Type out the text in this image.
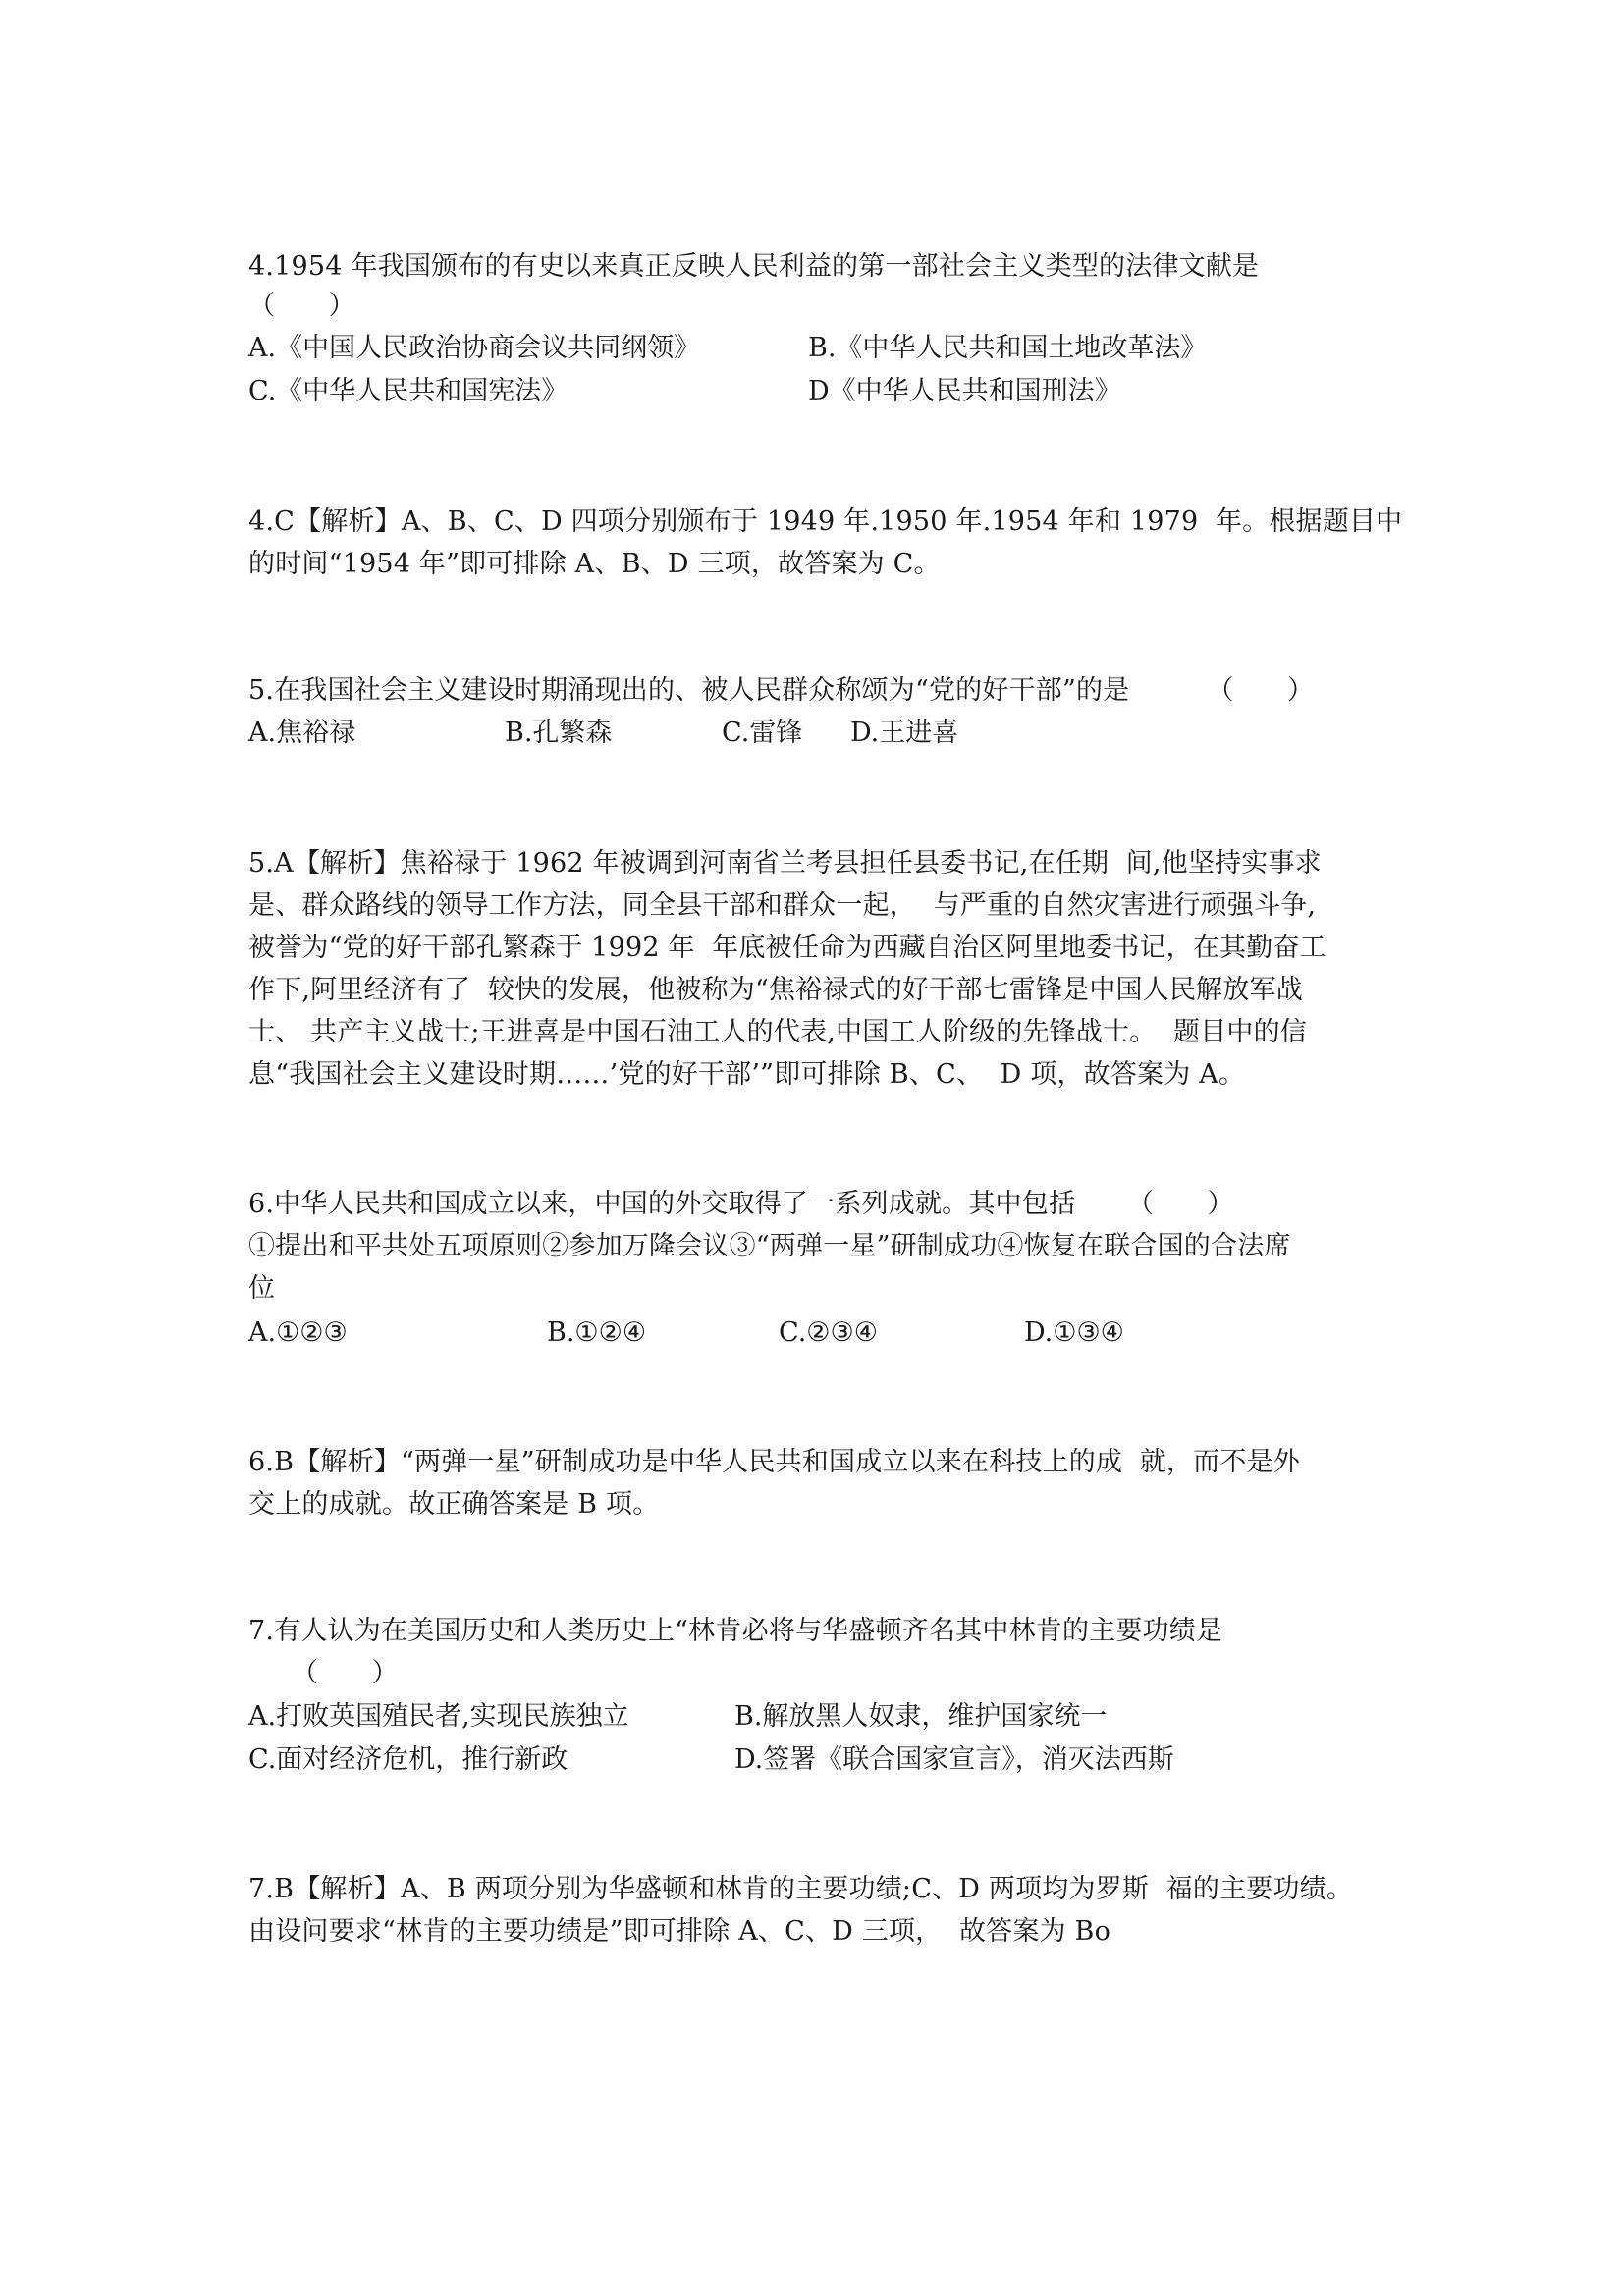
4.1954 年我国颁布的有史以来真正反映人民利益的第一部社会主义类型的法律文献是
（　　）
A.《中国人民政治协商会议共同纲领》	B.《中华人民共和国土地改革法》
C.《中华人民共和国宪法》	D《中华人民共和国刑法》
4.C【解析】A、B、C、D 四项分别颁布于 1949 年.1950 年.1954 年和 1979  年。根据题目中
的时间“1954 年”即可排除 A、B、D 三项，故答案为 C。
5.在我国社会主义建设时期涌现出的、被人民群众称颂为“党的好干部”的是         （　　）
A.焦裕禄	B.孔繁森	C.雷锋 D.王进喜
5.A【解析】焦裕禄于 1962 年被调到河南省兰考县担任县委书记,在任期  间,他坚持实事求
是、群众路线的领导工作方法，同全县干部和群众一起，  与严重的自然灾害进行顽强斗争,
被誉为“党的好干部孔繁森于 1992 年  年底被任命为西藏自治区阿里地委书记，在其勤奋工
作下,阿里经济有了  较快的发展，他被称为“焦裕禄式的好干部七雷锋是中国人民解放军战
士、 共产主义战士;王进喜是中国石油工人的代表,中国工人阶级的先锋战士。  题目中的信
息“我国社会主义建设时期……’党的好干部’”即可排除 B、C、  D 项，故答案为 A。
6.中华人民共和国成立以来，中国的外交取得了一系列成就。其中包括      （　　）
①提出和平共处五项原则②参加万隆会议③“两弹一星”研制成功④恢复在联合国的合法席
位
A.①②③	B.①②④	C.②③④	D.①③④
6.B【解析】“两弹一星”研制成功是中华人民共和国成立以来在科技上的成  就，而不是外
交上的成就。故正确答案是 B 项。
7.有人认为在美国历史和人类历史上“林肯必将与华盛顿齐名其中林肯的主要功绩是
（　　）
A.打败英国殖民者,实现民族独立	B.解放黑人奴隶，维护国家统一
C.面对经济危机，推行新政	D.签署《联合国家宣言》，消灭法西斯
7.B【解析】A、B 两项分别为华盛顿和林肯的主要功绩;C、D 两项均为罗斯  福的主要功绩。
由设问要求“林肯的主要功绩是”即可排除 A、C、D 三项，  故答案为 Bo
